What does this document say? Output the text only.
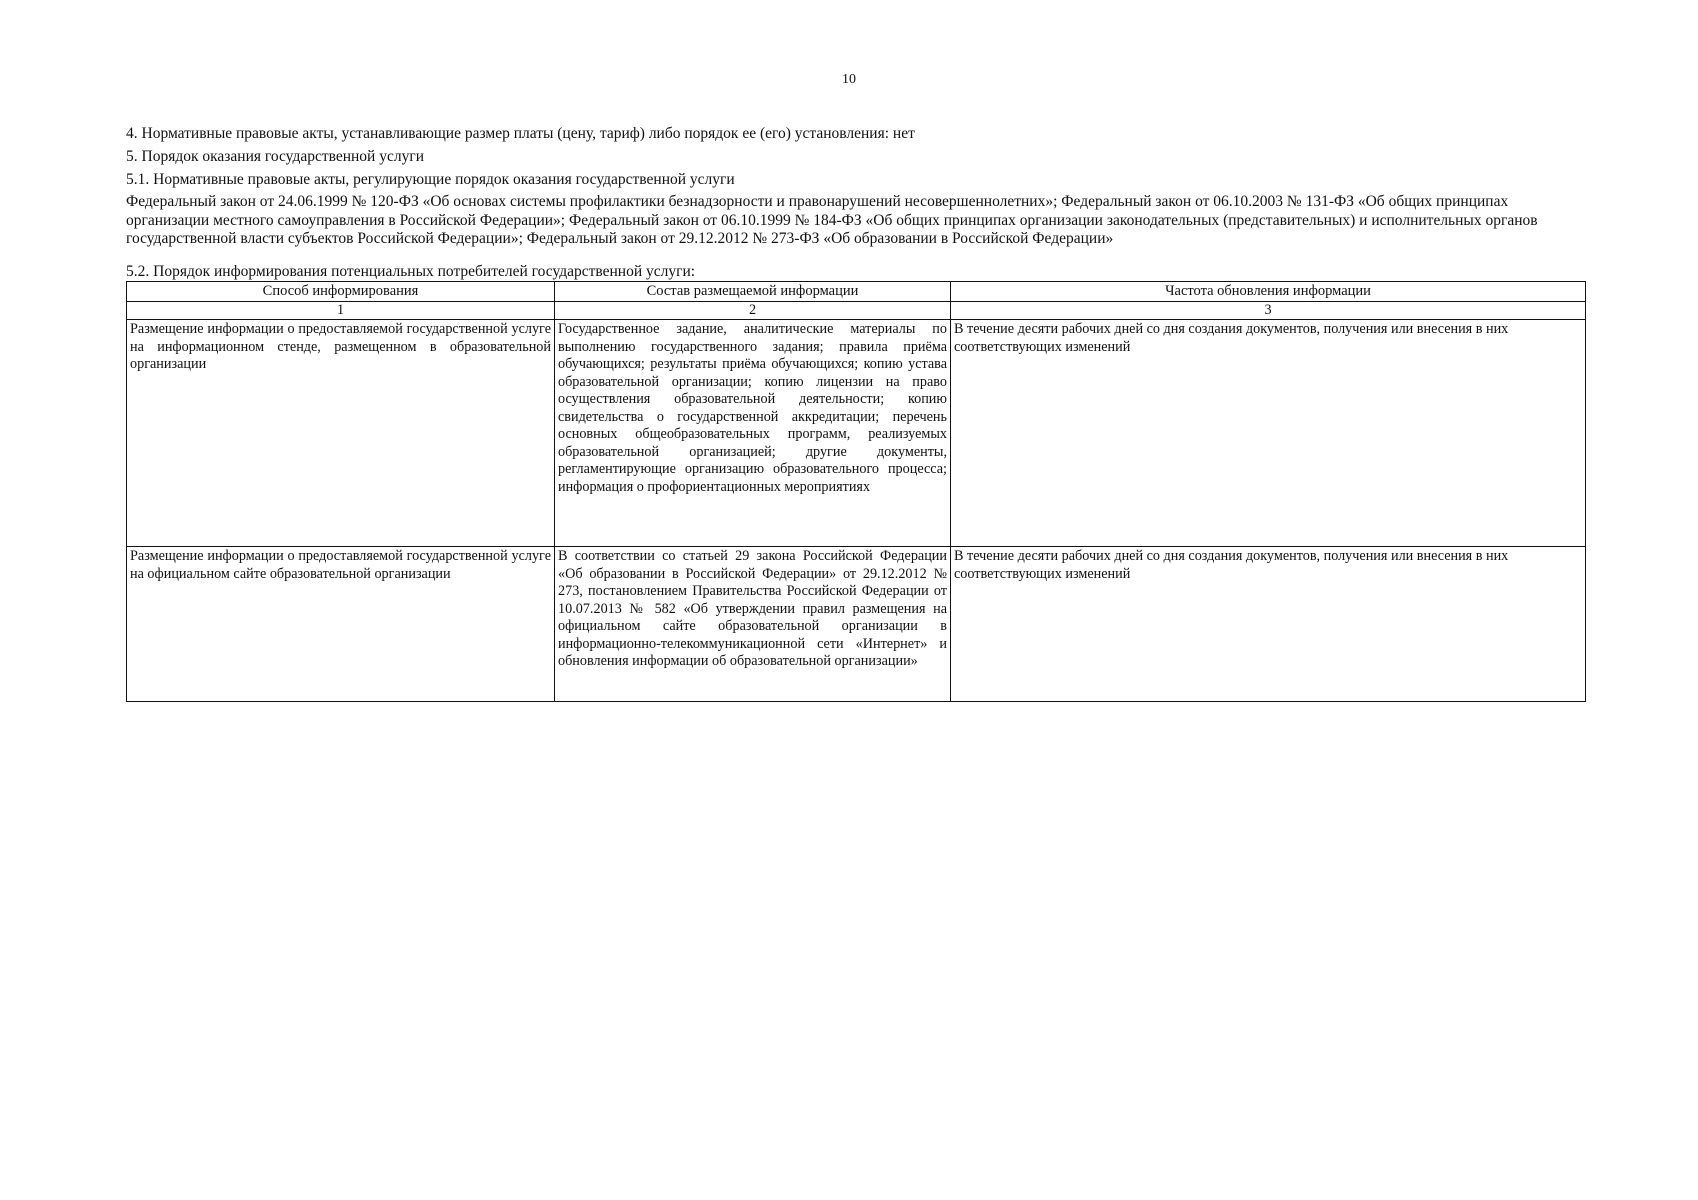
10

4. Нормативные правовые акты, устанавливающие размер платы (цену, тариф) либо порядок ее (его) установления: нет

5. Порядок оказания государственной услуги

5.1. Нормативные правовые акты, регулирующие порядок оказания государственной услуги

Федеральный закон от 24.06.1999 № 120-ФЗ «Об основах системы профилактики безнадзорности и правонарушений несовершеннолетних»; Федеральный закон от 06.10.2003 № 131-ФЗ «Об общих принципах организации местного самоуправления в Российской Федерации»; Федеральный закон от 06.10.1999 № 184-ФЗ «Об общих принципах организации законодательных (представительных) и исполнительных органов государственной власти субъектов Российской Федерации»; Федеральный закон от 29.12.2012 № 273-ФЗ «Об образовании в Российской Федерации»

5.2. Порядок информирования потенциальных потребителей государственной услуги:

Способ информирования	Состав размещаемой информации	Частота обновления информации
1	2	3
Размещение информации о предоставляемой государственной услуге на информационном стенде, размещенном в образовательной организации	Государственное задание, аналитические материалы по выполнению государственного задания; правила приёма обучающихся; результаты приёма обучающихся; копию устава образовательной организации; копию лицензии на право осуществления образовательной деятельности; копию свидетельства о государственной аккредитации; перечень основных общеобразовательных программ, реализуемых образовательной организацией; другие документы, регламентирующие организацию образовательного процесса; информация о профориентационных мероприятиях	В течение десяти рабочих дней со дня создания документов, получения или внесения в них соответствующих изменений
Размещение информации о предоставляемой государственной услуге на официальном сайте образовательной организации	В соответствии со статьей 29 закона Российской Федерации «Об образовании в Российской Федерации» от 29.12.2012 № 273, постановлением Правительства Российской Федерации от 10.07.2013 № 582 «Об утверждении правил размещения на официальном сайте образовательной организации в информационно-телекоммуникационной сети «Интернет» и обновления информации об образовательной организации»	В течение десяти рабочих дней со дня создания документов, получения или внесения в них соответствующих изменений
